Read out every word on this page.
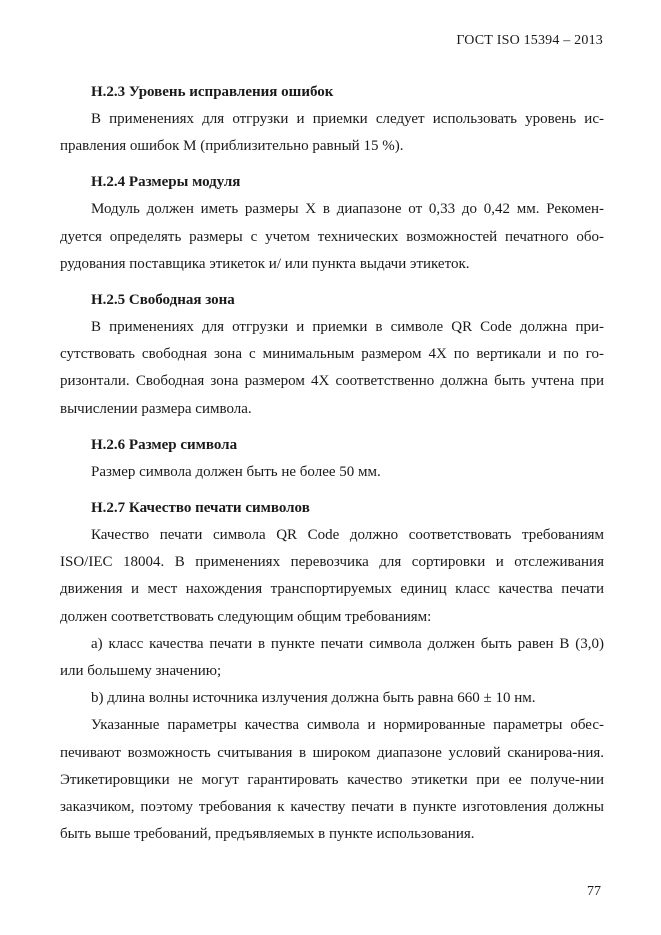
ГОСТ ISO 15394 – 2013

Н.2.3 Уровень исправления ошибок

В применениях для отгрузки и приемки следует использовать уровень ис-правления ошибок М (приблизительно равный 15 %).

Н.2.4 Размеры модуля

Модуль должен иметь размеры Х в диапазоне от 0,33 до 0,42 мм. Рекомен-дуется определять размеры с учетом технических возможностей печатного обо-рудования поставщика этикеток и/ или пункта выдачи этикеток.

Н.2.5 Свободная зона

В применениях для отгрузки и приемки в символе QR Code должна при-сутствовать свободная зона с минимальным размером 4Х по вертикали и по го-ризонтали. Свободная зона размером 4Х соответственно должна быть учтена при вычислении размера символа.

Н.2.6 Размер символа

Размер символа должен быть не более 50 мм.

Н.2.7 Качество печати символов

Качество печати символа QR Code должно соответствовать требованиям ISO/IEC 18004. В применениях перевозчика для сортировки и отслеживания движения и мест нахождения транспортируемых единиц класс качества печати должен соответствовать следующим общим требованиям:

a) класс качества печати в пункте печати символа должен быть равен В (3,0) или большему значению;

b) длина волны источника излучения должна быть равна 660 ± 10 нм.

Указанные параметры качества символа и нормированные параметры обес-печивают возможность считывания в широком диапазоне условий сканирова-ния. Этикетировщики не могут гарантировать качество этикетки при ее получе-нии заказчиком, поэтому требования к качеству печати в пункте изготовления должны быть выше требований, предъявляемых в пункте использования.

77
